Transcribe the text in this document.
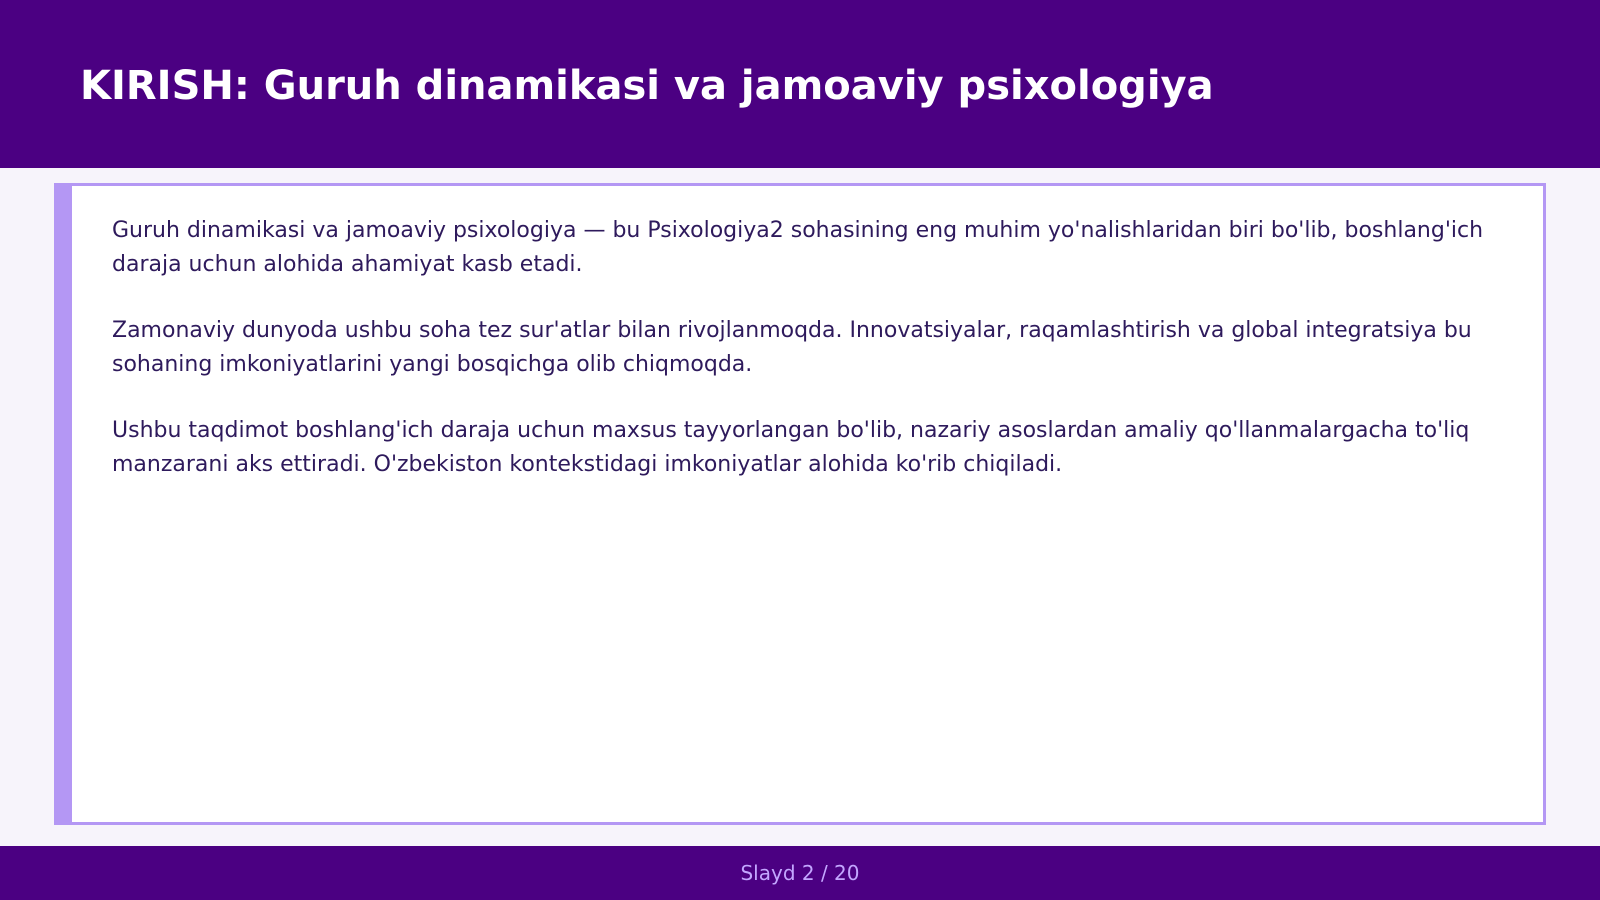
KIRISH: Guruh dinamikasi va jamoaviy psixologiya

Guruh dinamikasi va jamoaviy psixologiya — bu Psixologiya2 sohasining eng muhim yo'nalishlaridan biri bo'lib, boshlang'ich daraja uchun alohida ahamiyat kasb etadi.

Zamonaviy dunyoda ushbu soha tez sur'atlar bilan rivojlanmoqda. Innovatsiyalar, raqamlashtirish va global integratsiya bu sohaning imkoniyatlarini yangi bosqichga olib chiqmoqda.

Ushbu taqdimot boshlang'ich daraja uchun maxsus tayyorlangan bo'lib, nazariy asoslardan amaliy qo'llanmalargacha to'liq manzarani aks ettiradi. O'zbekiston kontekstidagi imkoniyatlar alohida ko'rib chiqiladi.

Slayd 2 / 20
